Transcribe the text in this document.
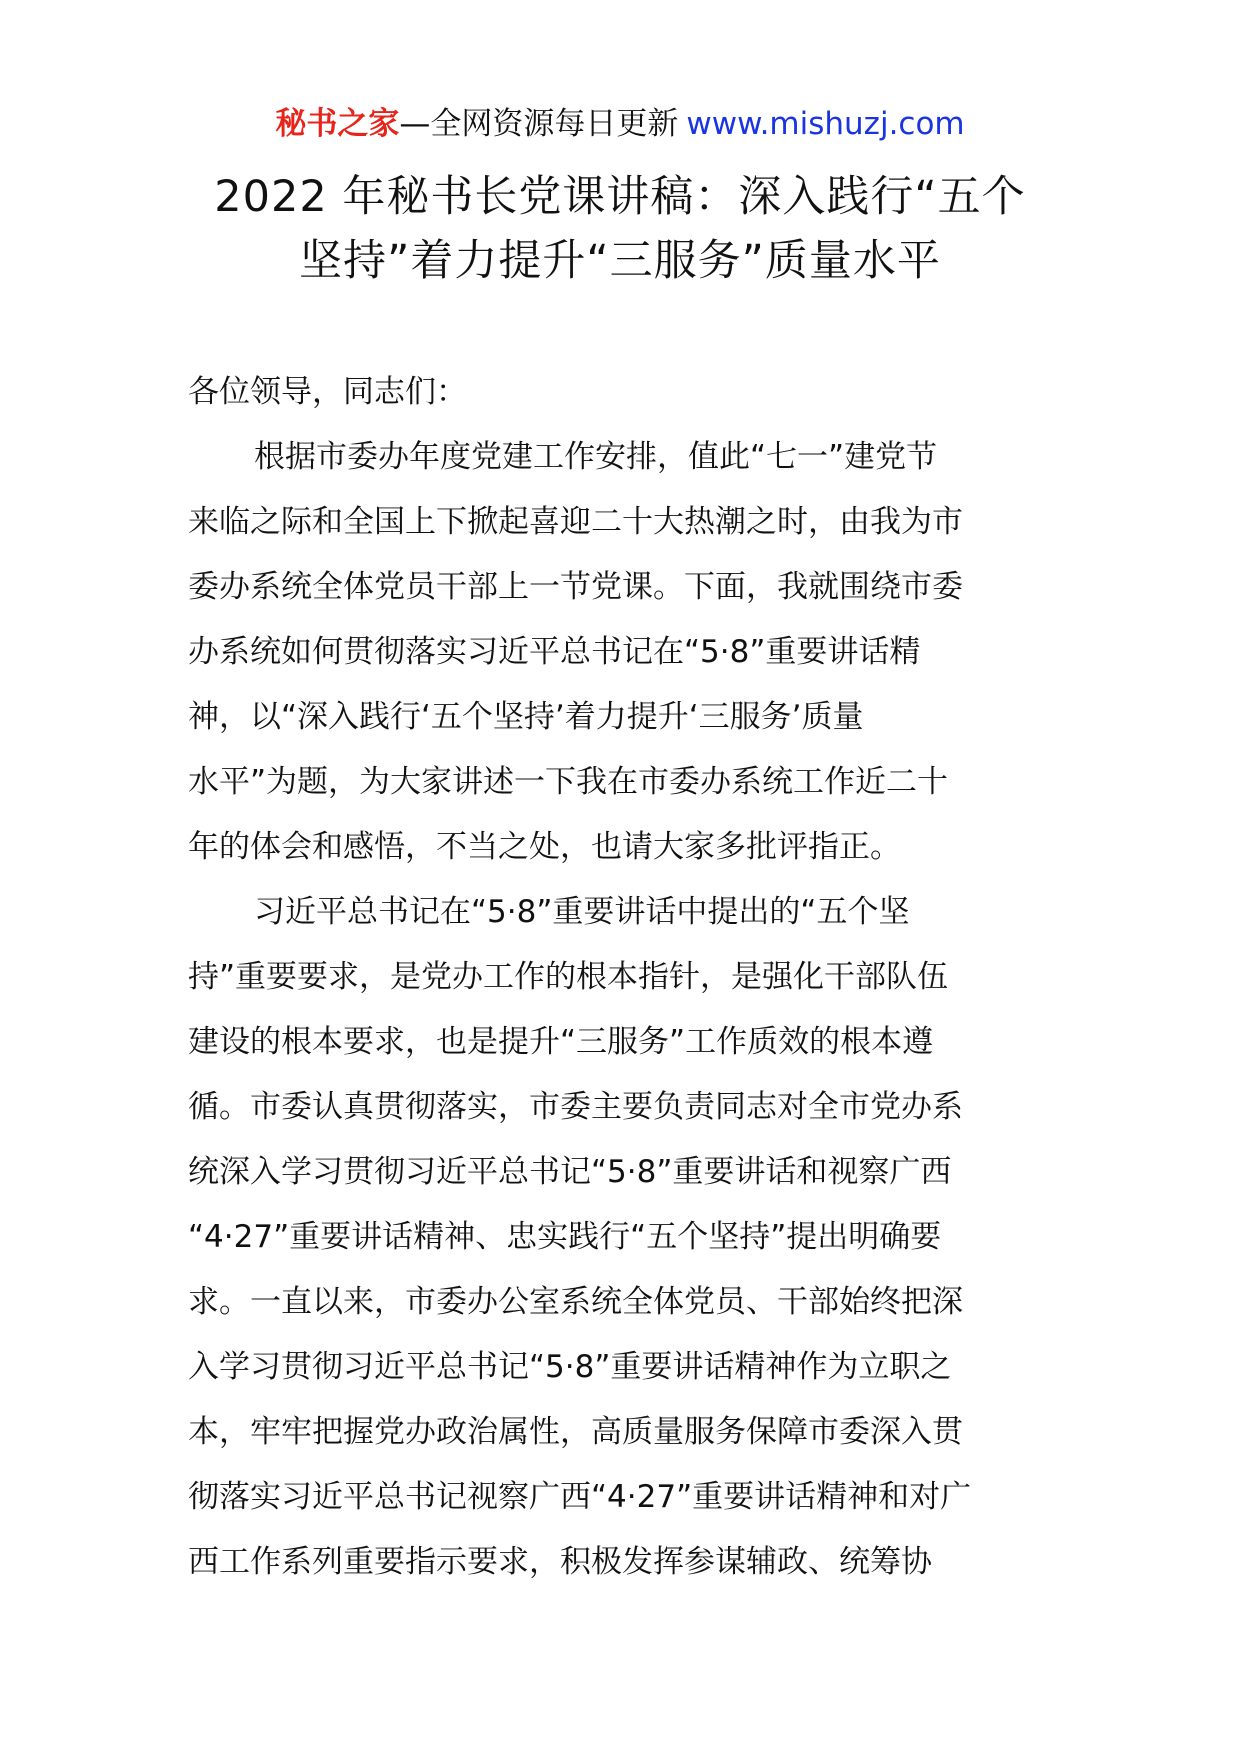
秘书之家—全网资源每日更新 www.mishuzj.com
2022 年秘书长党课讲稿：深入践行“五个
坚持”着力提升“三服务”质量水平

各位领导，同志们：

根据市委办年度党建工作安排，值此“七一”建党节
来临之际和全国上下掀起喜迎二十大热潮之时，由我为市
委办系统全体党员干部上一节党课。下面，我就围绕市委
办系统如何贯彻落实习近平总书记在“5·8”重要讲话精
神，以“深入践行‘五个坚持’着力提升‘三服务’质量
水平”为题，为大家讲述一下我在市委办系统工作近二十
年的体会和感悟，不当之处，也请大家多批评指正。
习近平总书记在“5·8”重要讲话中提出的“五个坚
持”重要要求，是党办工作的根本指针，是强化干部队伍
建设的根本要求，也是提升“三服务”工作质效的根本遵
循。市委认真贯彻落实，市委主要负责同志对全市党办系
统深入学习贯彻习近平总书记“5·8”重要讲话和视察广西
“4·27”重要讲话精神、忠实践行“五个坚持”提出明确要
求。一直以来，市委办公室系统全体党员、干部始终把深
入学习贯彻习近平总书记“5·8”重要讲话精神作为立职之
本，牢牢把握党办政治属性，高质量服务保障市委深入贯
彻落实习近平总书记视察广西“4·27”重要讲话精神和对广
西工作系列重要指示要求，积极发挥参谋辅政、统筹协
